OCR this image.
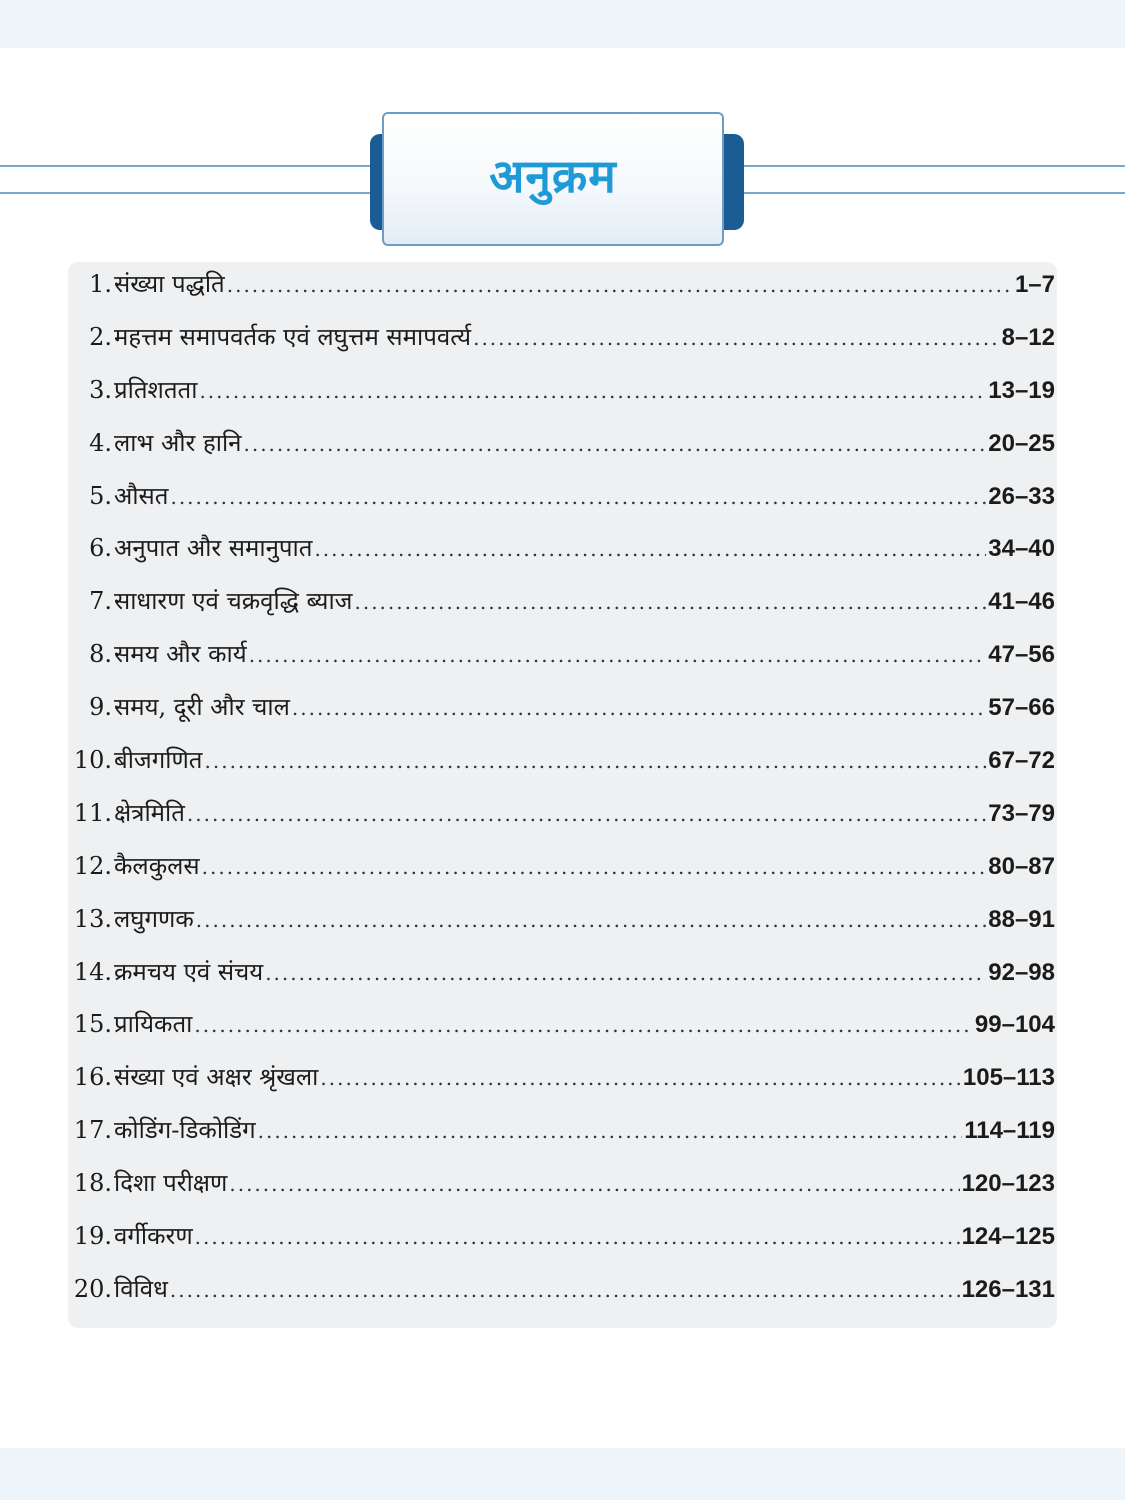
अनुक्रम
1. संख्या पद्धति .....	1–7
2. महत्तम समापवर्तक एवं लघुत्तम समापवर्त्य .....	8–12
3. प्रतिशतता .....	13–19
4. लाभ और हानि .....	20–25
5. औसत .....	26–33
6. अनुपात और समानुपात .....	34–40
7. साधारण एवं चक्रवृद्धि ब्याज .....	41–46
8. समय और कार्य .....	47–56
9. समय, दूरी और चाल .....	57–66
10. बीजगणित .....	67–72
11. क्षेत्रमिति .....	73–79
12. कैलकुलस .....	80–87
13. लघुगणक .....	88–91
14. क्रमचय एवं संचय .....	92–98
15. प्रायिकता .....	99–104
16. संख्या एवं अक्षर श्रृंखला .....	105–113
17. कोडिंग-डिकोडिंग .....	114–119
18. दिशा परीक्षण .....	120–123
19. वर्गीकरण .....	124–125
20. विविध .....	126–131
